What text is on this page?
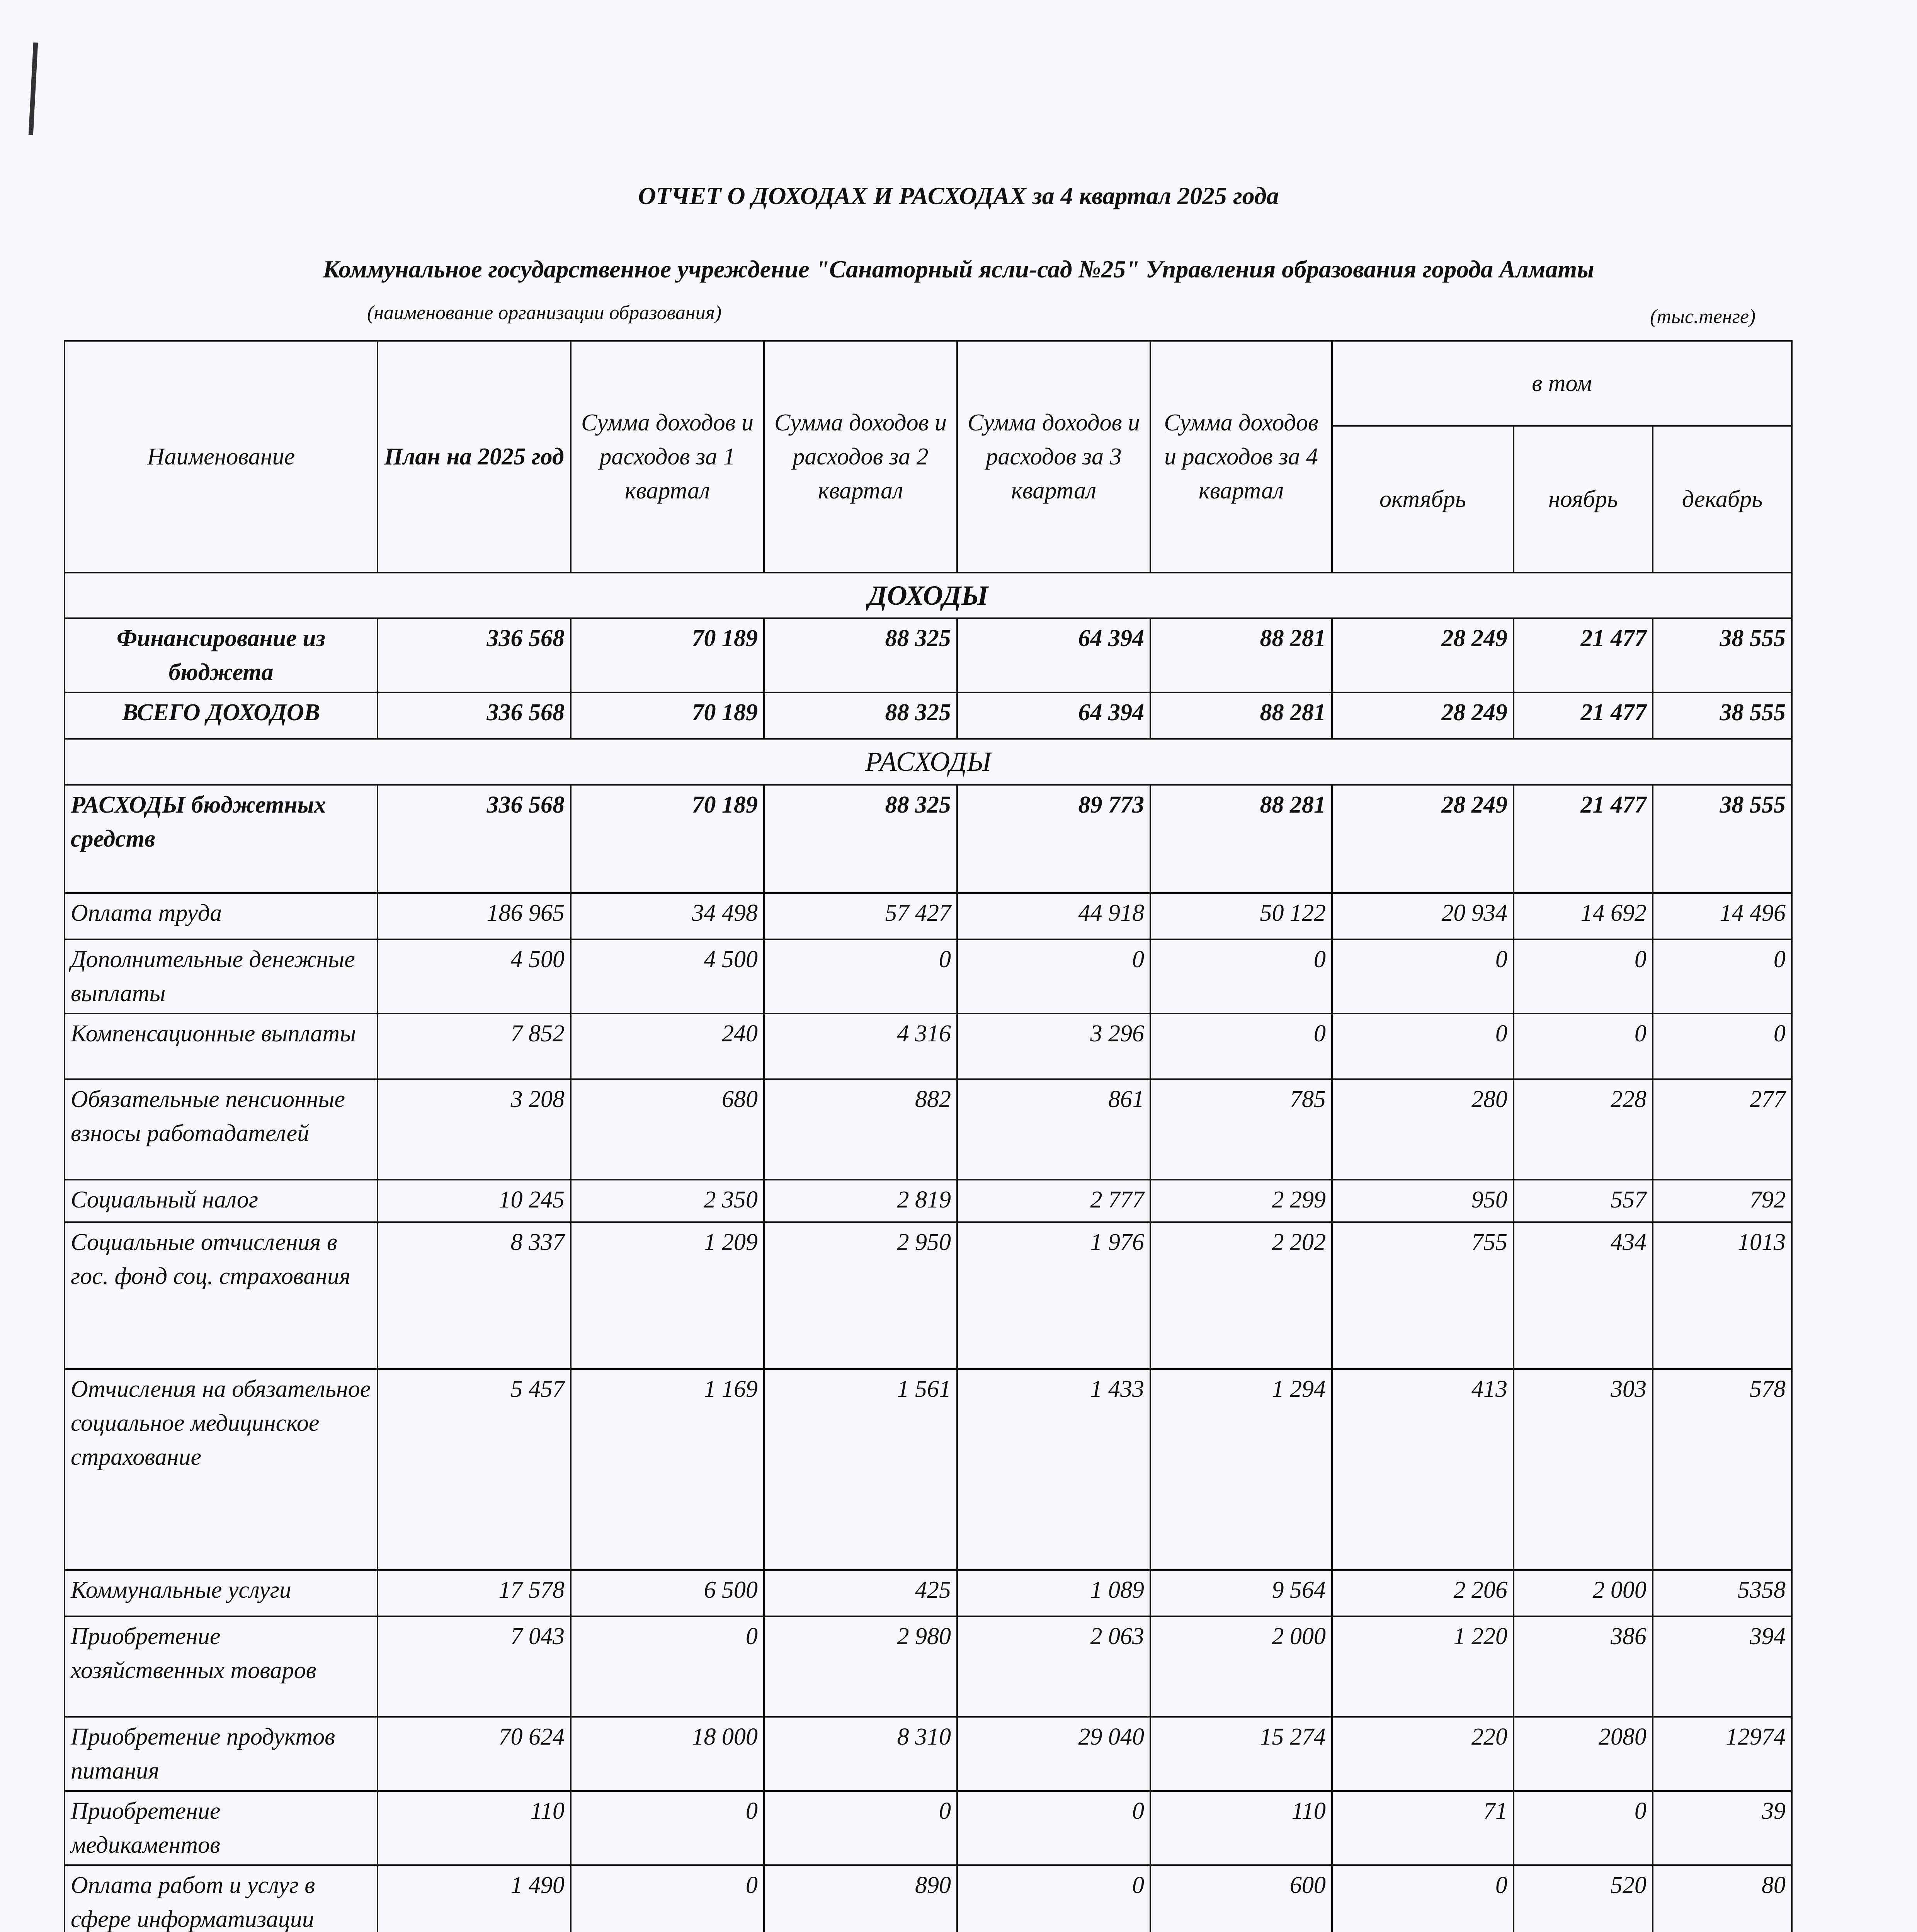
ОТЧЕТ О ДОХОДАХ И РАСХОДАХ за 4 квартал 2025 года
Коммунальное государственное учреждение "Санаторный ясли-сад №25" Управления образования города Алматы
(наименование организации образования)	(тыс.тенге)
Наименование	План на 2025 год	Сумма доходов и расходов за 1 квартал	Сумма доходов и расходов за 2 квартал	Сумма доходов и расходов за 3 квартал	Сумма доходов и расходов за 4 квартал	в том		
						октябрь	ноябрь	декабрь
ДОХОДЫ								
Финансирование из бюджета	336 568	70 189	88 325	64 394	88 281	28 249	21 477	38 555
ВСЕГО ДОХОДОВ	336 568	70 189	88 325	64 394	88 281	28 249	21 477	38 555
РАСХОДЫ								
РАСХОДЫ бюджетных средств	336 568	70 189	88 325	89 773	88 281	28 249	21 477	38 555
Оплата труда	186 965	34 498	57 427	44 918	50 122	20 934	14 692	14 496
Дополнительные денежные выплаты	4 500	4 500	0	0	0	0	0	0
Компенсационные выплаты	7 852	240	4 316	3 296	0	0	0	0
Обязательные пенсионные взносы работадателей	3 208	680	882	861	785	280	228	277
Социальный налог	10 245	2 350	2 819	2 777	2 299	950	557	792
Социальные отчисления в гос. фонд соц. страхования	8 337	1 209	2 950	1 976	2 202	755	434	1013
Отчисления на обязательное социальное медицинское страхование	5 457	1 169	1 561	1 433	1 294	413	303	578
Коммунальные услуги	17 578	6 500	425	1 089	9 564	2 206	2 000	5358
Приобретение хозяйственных товаров	7 043	0	2 980	2 063	2 000	1 220	386	394
Приобретение продуктов питания	70 624	18 000	8 310	29 040	15 274	220	2080	12974
Приобретение медикаментов	110	0	0	0	110	71	0	39
Оплата работ и услуг в сфере информатизации	1 490	0	890	0	600	0	520	80
